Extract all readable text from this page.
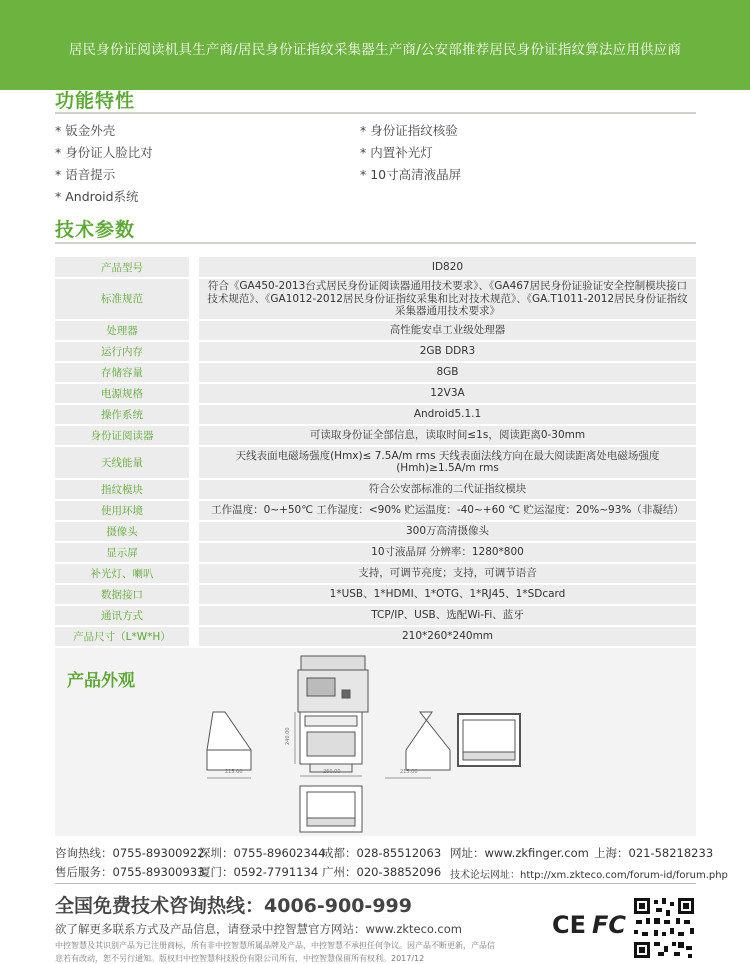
居民身份证阅读机具生产商/居民身份证指纹采集器生产商/公安部推荐居民身份证指纹算法应用供应商
功能特性
* 钣金外壳
* 身份证人脸比对
* 语音提示
* Android系统
* 身份证指纹核验
* 内置补光灯
* 10寸高清液晶屏
技术参数
产品型号		ID820
标准规范		符合《GA450-2013台式居民身份证阅读器通用技术要求》、《GA467居民身份证验证安全控制模块接口技术规范》、《GA1012-2012居民身份证指纹采集和比对技术规范》、《GA.T1011-2012居民身份证指纹采集器通用技术要求》
处理器		高性能安卓工业级处理器
运行内存		2GB DDR3
存储容量		8GB
电源规格		12V3A
操作系统		Android5.1.1
身份证阅读器		可读取身份证全部信息，读取时间≤1s，阅读距离0-30mm
天线能量		天线表面电磁场强度(Hmx)≤ 7.5A/m rms 天线表面法线方向在最大阅读距离处电磁场强度(Hmh)≥1.5A/m rms
指纹模块		符合公安部标准的二代证指纹模块
使用环境		工作温度：0~+50℃ 工作湿度：<90% 贮运温度：-40~+60 ℃ 贮运湿度：20%~93%（非凝结）
摄像头		300万高清摄像头
显示屏		10寸液晶屏 分辨率：1280*800
补光灯、喇叭		支持，可调节亮度；支持，可调节语音
数据接口		1*USB、1*HDMI、1*OTG、1*RJ45、1*SDcard
通讯方式		TCP/IP、USB、选配Wi-Fi、蓝牙
产品尺寸（L*W*H）		210*260*240mm
产品外观
215.00	260.00
240.00
215.00
咨询热线：0755-89300922
深圳：0755-89602344
成都：028-85512063 网址：www.zkfinger.com 上海：021-58218233
售后服务：0755-89300933
厦门：0592-7791134 广州：020-38852096 技术论坛网址：http://xm.zkteco.com/forum-id/forum.php
全国免费技术咨询热线：4006-900-999
欲了解更多联系方式及产品信息，请登录中控智慧官方网站：www.zkteco.com
中控智慧及其识别产品为已注册商标，所有非中控智慧所属品牌及产品，中控智慧不承担任何争议。因产品不断更新，产品信
息若有改动，恕不另行通知。版权归中控智慧科技股份有限公司所有，中控智慧保留所有权利。2017/12
CE FC
